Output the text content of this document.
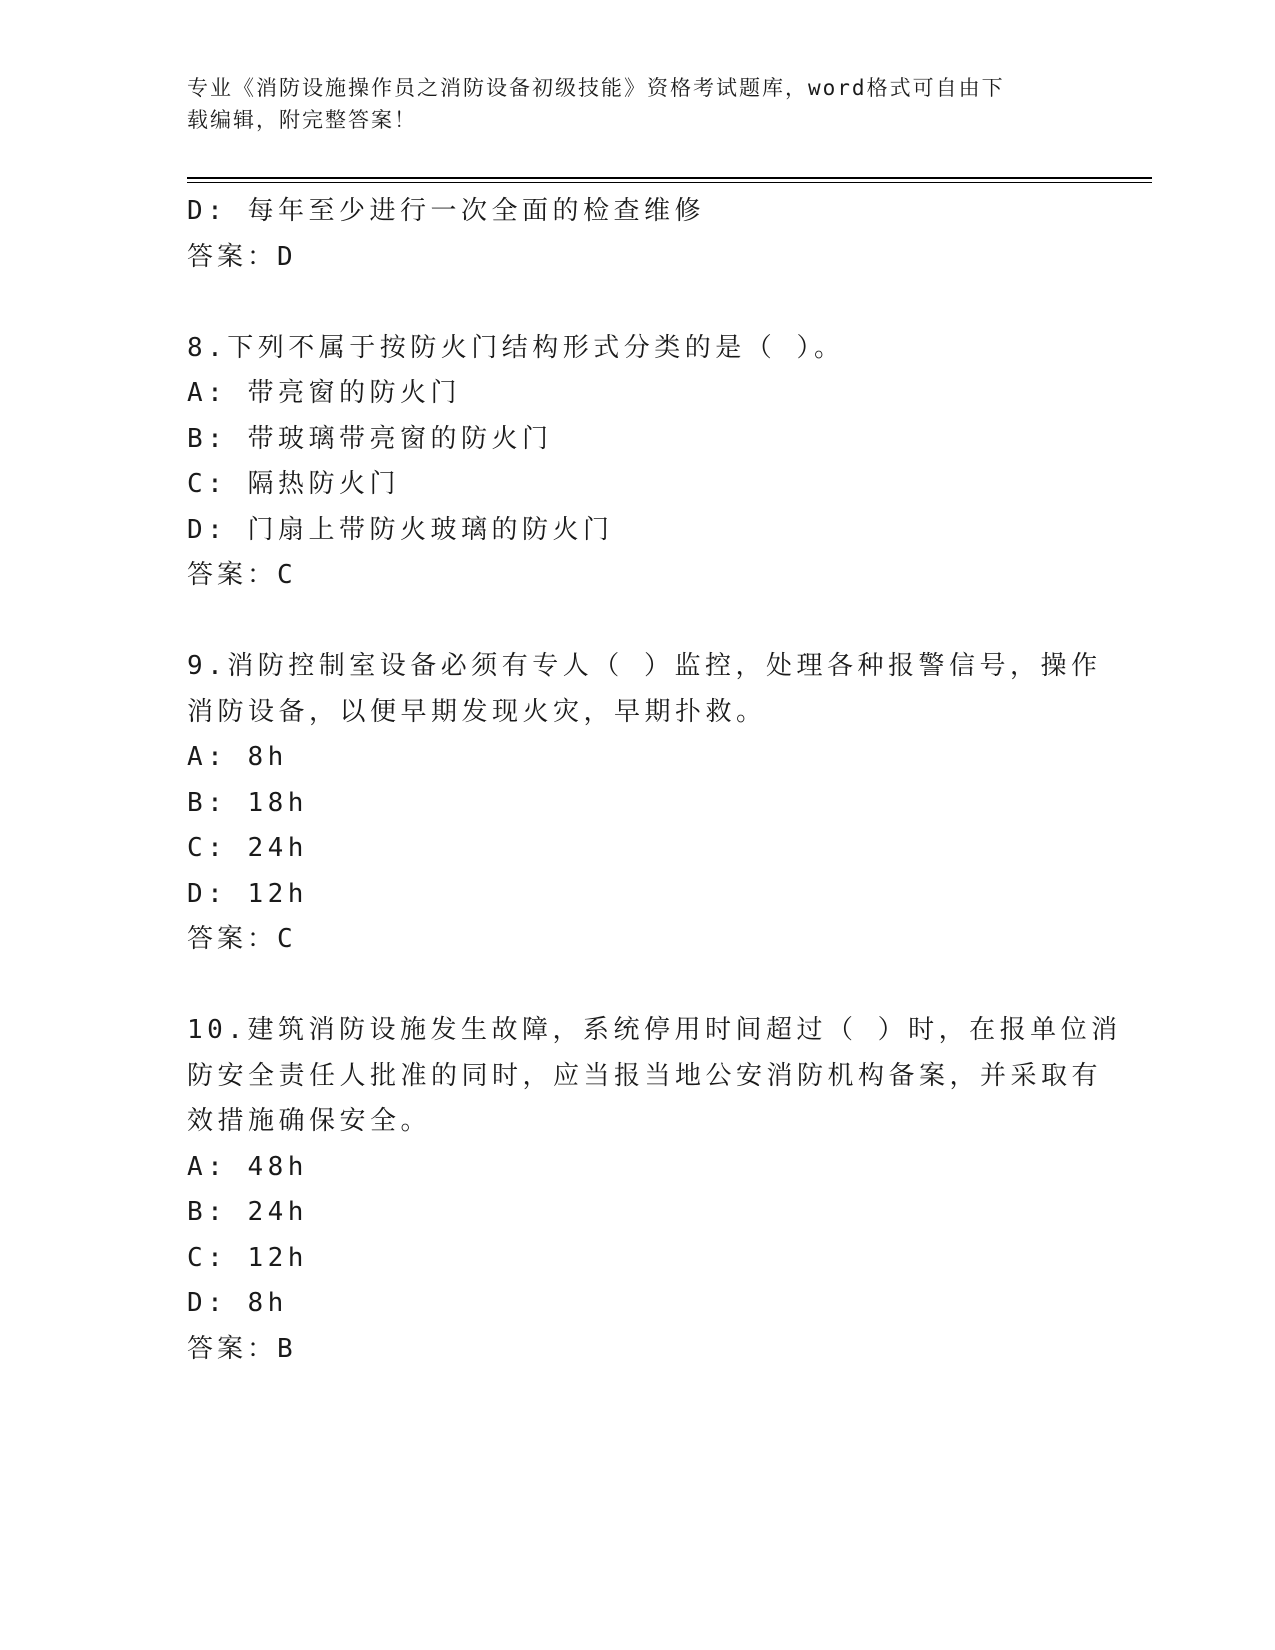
专业《消防设施操作员之消防设备初级技能》资格考试题库，word格式可自由下
载编辑，附完整答案！
D: 每年至少进行一次全面的检查维修
答案：D
8.下列不属于按防火门结构形式分类的是（ ）。
A: 带亮窗的防火门
B: 带玻璃带亮窗的防火门
C: 隔热防火门
D: 门扇上带防火玻璃的防火门
答案：C
9.消防控制室设备必须有专人（ ）监控，处理各种报警信号，操作
消防设备，以便早期发现火灾，早期扑救。
A: 8h
B: 18h
C: 24h
D: 12h
答案：C
10.建筑消防设施发生故障，系统停用时间超过（ ）时，在报单位消
防安全责任人批准的同时，应当报当地公安消防机构备案，并采取有
效措施确保安全。
A: 48h
B: 24h
C: 12h
D: 8h
答案：B
